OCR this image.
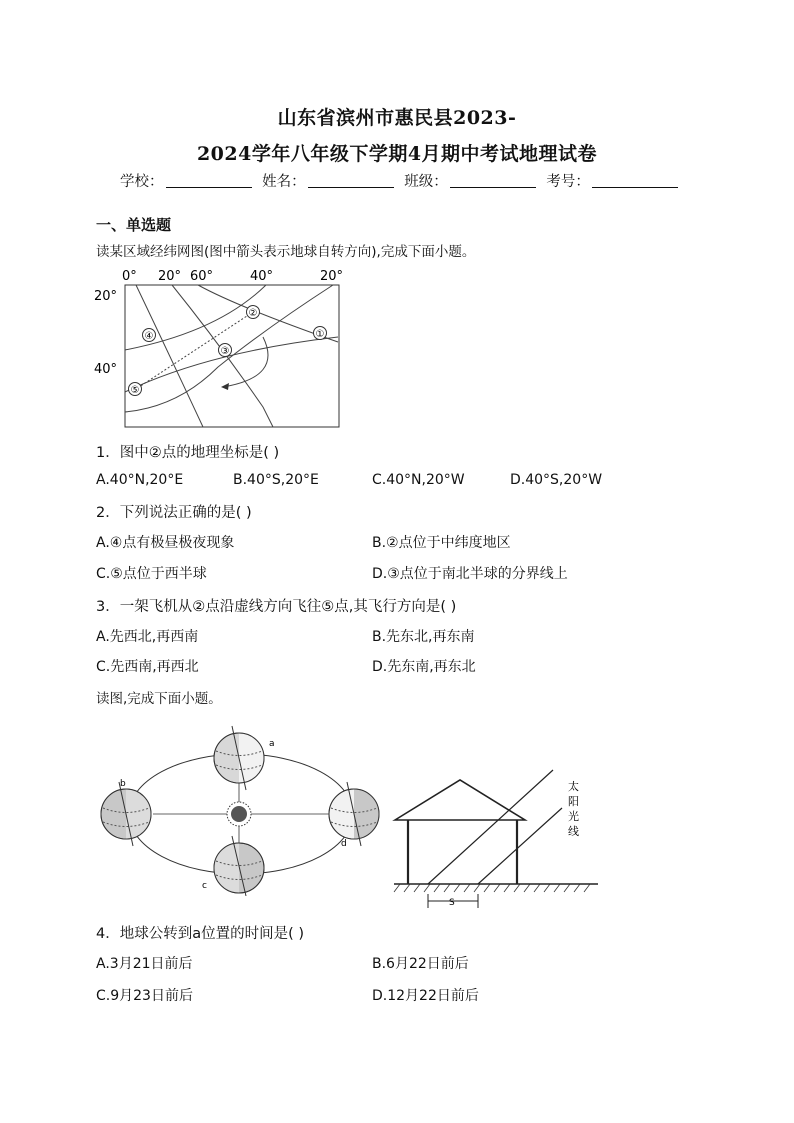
山东省滨州市惠民县2023-
2024学年八年级下学期4月期中考试地理试卷
学校：	姓名：	班级：	考号：
一、单选题
读某区域经纬网图(图中箭头表示地球自转方向),完成下面小题。
0° 20° 60°	40°	20°
20°
40°
①
②
③
④
⑤
1．图中②点的地理坐标是( )
A.40°N,20°E	B.40°S,20°E	C.40°N,20°W	D.40°S,20°W
2．下列说法正确的是( )
A.④点有极昼极夜现象	B.②点位于中纬度地区
C.⑤点位于西半球	D.③点位于南北半球的分界线上
3．一架飞机从②点沿虚线方向飞往⑤点,其飞行方向是( )
A.先西北,再西南	B.先东北,再东南
C.先西南,再西北	D.先东南,再东北
读图,完成下面小题。
a
b
c
d
太
阳
光
线
S
4．地球公转到a位置的时间是( )
A.3月21日前后	B.6月22日前后
C.9月23日前后	D.12月22日前后
